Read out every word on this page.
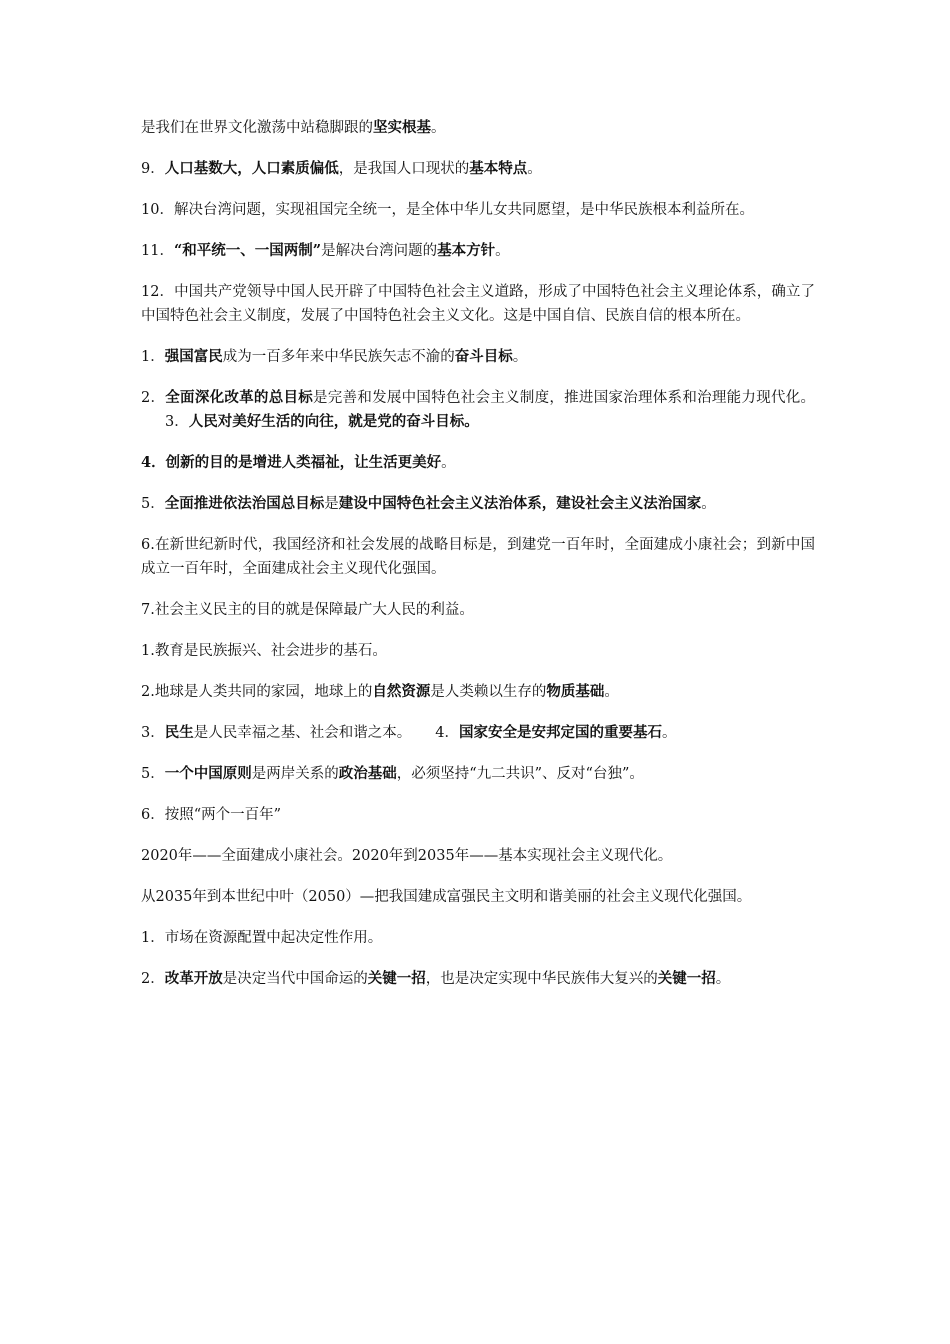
是我们在世界文化激荡中站稳脚跟的坚实根基。

9．人口基数大，人口素质偏低，是我国人口现状的基本特点。

10．解决台湾问题，实现祖国完全统一，是全体中华儿女共同愿望，是中华民族根本利益所在。

11．“和平统一、一国两制”是解决台湾问题的基本方针。

12．中国共产党领导中国人民开辟了中国特色社会主义道路，形成了中国特色社会主义理论体系，确立了中国特色社会主义制度，发展了中国特色社会主义文化。这是中国自信、民族自信的根本所在。

1．强国富民成为一百多年来中华民族矢志不渝的奋斗目标。

2．全面深化改革的总目标是完善和发展中国特色社会主义制度，推进国家治理体系和治理能力现代化。3．人民对美好生活的向往，就是党的奋斗目标。

4．创新的目的是增进人类福祉，让生活更美好。

5．全面推进依法治国总目标是建设中国特色社会主义法治体系，建设社会主义法治国家。

6.在新世纪新时代，我国经济和社会发展的战略目标是，到建党一百年时，全面建成小康社会；到新中国成立一百年时，全面建成社会主义现代化强国。

7.社会主义民主的目的就是保障最广大人民的利益。

1.教育是民族振兴、社会进步的基石。

2.地球是人类共同的家园，地球上的自然资源是人类赖以生存的物质基础。

3．民生是人民幸福之基、社会和谐之本。 4．国家安全是安邦定国的重要基石。

5．一个中国原则是两岸关系的政治基础，必须坚持“九二共识”、反对“台独”。

6．按照“两个一百年”

2020年——全面建成小康社会。2020年到2035年——基本实现社会主义现代化。

从2035年到本世纪中叶（2050）—把我国建成富强民主文明和谐美丽的社会主义现代化强国。

1．市场在资源配置中起决定性作用。

2．改革开放是决定当代中国命运的关键一招，也是决定实现中华民族伟大复兴的关键一招。
